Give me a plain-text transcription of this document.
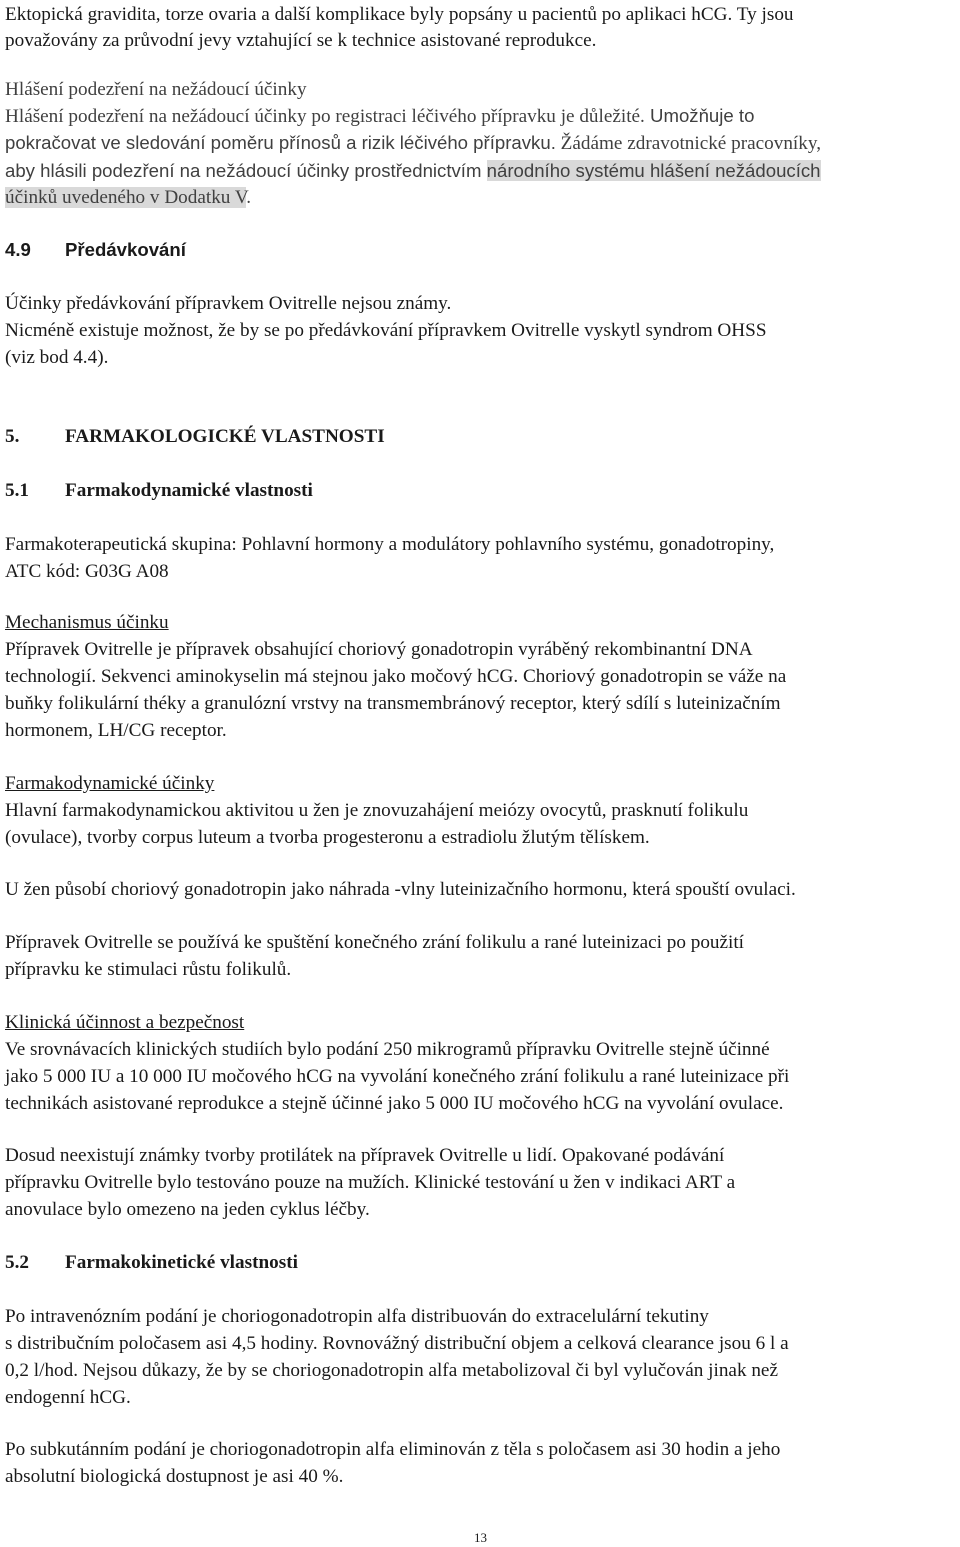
Ektopická gravidita, torze ovaria a další komplikace byly popsány u pacientů po aplikaci hCG. Ty jsou
považovány za průvodní jevy vztahující se k technice asistované reprodukce.
Hlášení podezření na nežádoucí účinky
Hlášení podezření na nežádoucí účinky po registraci léčivého přípravku je důležité. Umožňuje to
pokračovat ve sledování poměru přínosů a rizik léčivého přípravku. Žádáme zdravotnické pracovníky,
aby hlásili podezření na nežádoucí účinky prostřednictvím národního systému hlášení nežádoucích
účinků uvedeného v Dodatku V.
4.9 Předávkování
Účinky předávkování přípravkem Ovitrelle nejsou známy.
Nicméně existuje možnost, že by se po předávkování přípravkem Ovitrelle vyskytl syndrom OHSS
(viz bod 4.4).
5. FARMAKOLOGICKÉ VLASTNOSTI
5.1 Farmakodynamické vlastnosti
Farmakoterapeutická skupina: Pohlavní hormony a modulátory pohlavního systému, gonadotropiny,
ATC kód: G03G A08
Mechanismus účinku
Přípravek Ovitrelle je přípravek obsahující choriový gonadotropin vyráběný rekombinantní DNA
technologií. Sekvenci aminokyselin má stejnou jako močový hCG. Choriový gonadotropin se váže na
buňky folikulární théky a granulózní vrstvy na transmembránový receptor, který sdílí s luteinizačním
hormonem, LH/CG receptor.
Farmakodynamické účinky
Hlavní farmakodynamickou aktivitou u žen je znovuzahájení meiózy ovocytů, prasknutí folikulu
(ovulace), tvorby corpus luteum a tvorba progesteronu a estradiolu žlutým tělískem.
U žen působí choriový gonadotropin jako náhrada -vlny luteinizačního hormonu, která spouští ovulaci.
Přípravek Ovitrelle se používá ke spuštění konečného zrání folikulu a rané luteinizaci po použití
přípravku ke stimulaci růstu folikulů.
Klinická účinnost a bezpečnost
Ve srovnávacích klinických studiích bylo podání 250 mikrogramů přípravku Ovitrelle stejně účinné
jako 5 000 IU a 10 000 IU močového hCG na vyvolání konečného zrání folikulu a rané luteinizace při
technikách asistované reprodukce a stejně účinné jako 5 000 IU močového hCG na vyvolání ovulace.
Dosud neexistují známky tvorby protilátek na přípravek Ovitrelle u lidí. Opakované podávání
přípravku Ovitrelle bylo testováno pouze na mužích. Klinické testování u žen v indikaci ART a
anovulace bylo omezeno na jeden cyklus léčby.
5.2 Farmakokinetické vlastnosti
Po intravenózním podání je choriogonadotropin alfa distribuován do extracelulární tekutiny
s distribučním poločasem asi 4,5 hodiny. Rovnovážný distribuční objem a celková clearance jsou 6 l a
0,2 l/hod. Nejsou důkazy, že by se choriogonadotropin alfa metabolizoval či byl vylučován jinak než
endogenní hCG.
Po subkutánním podání je choriogonadotropin alfa eliminován z těla s poločasem asi 30 hodin a jeho
absolutní biologická dostupnost je asi 40 %.
13
